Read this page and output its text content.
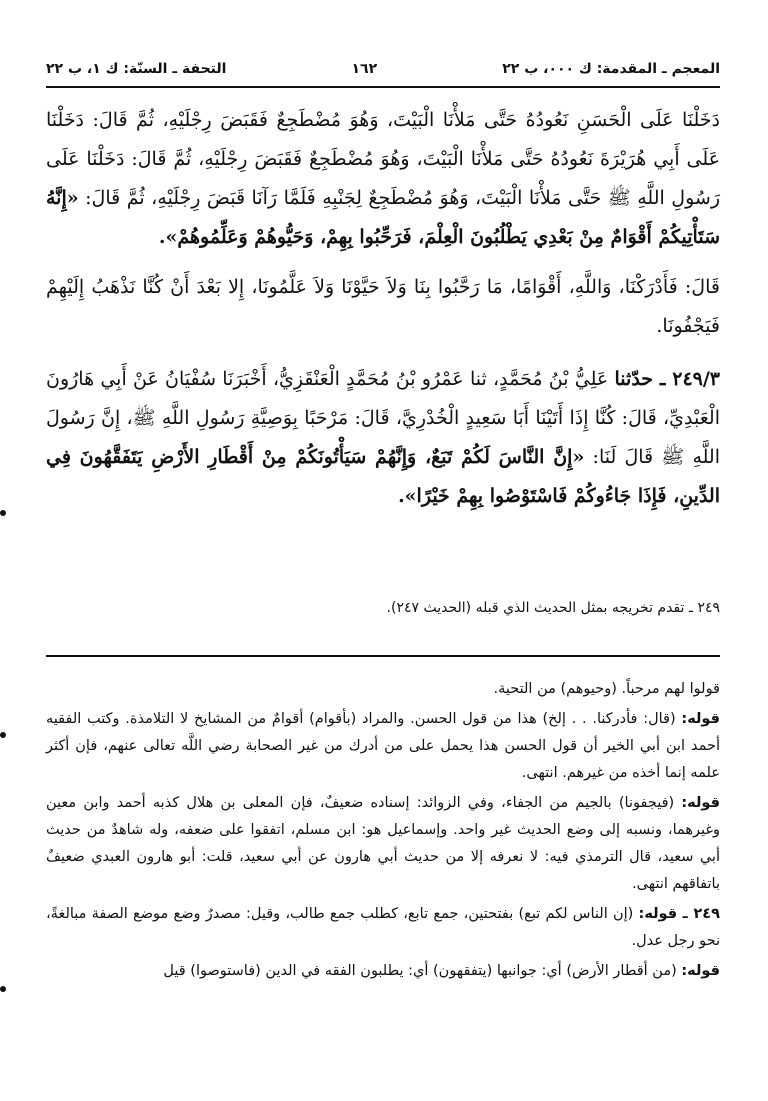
المعجم ـ المقدمة: ك ٠٠٠، ب ٢٢
١٦٢
التحفة ـ السنّة: ك ١، ب ٢٢

دَخَلْنَا عَلَى الْحَسَنِ نَعُودُهُ حَتَّى مَلأْنَا الْبَيْتَ، وَهُوَ مُضْطَجِعٌ فَقَبَضَ رِجْلَيْهِ، ثُمَّ قَالَ: دَخَلْنَا عَلَى أَبِي هُرَيْرَةَ نَعُودُهُ حَتَّى مَلأْنَا الْبَيْتَ، وَهُوَ مُضْطَجِعٌ فَقَبَضَ رِجْلَيْهِ، ثُمَّ قَالَ: دَخَلْنَا عَلَى رَسُولِ اللَّهِ ﷺ حَتَّى مَلأْنَا الْبَيْتَ، وَهُوَ مُضْطَجِعٌ لِجَنْبِهِ فَلَمَّا رَآنَا قَبَضَ رِجْلَيْهِ، ثُمَّ قَالَ: «إِنَّهُ سَتَأْتِيكُمْ أَقْوَامٌ مِنْ بَعْدِي يَطْلُبُونَ الْعِلْمَ، فَرَحِّبُوا بِهِمْ، وَحَيُّوهُمْ وَعَلِّمُوهُمْ».

قَالَ: فَأَدْرَكْنَا، وَاللَّهِ، أَقْوَامًا، مَا رَحَّبُوا بِنَا وَلاَ حَيَّوْنَا وَلاَ عَلَّمُونَا، إِلا بَعْدَ أَنْ كُنَّا نَذْهَبُ إِلَيْهِمْ فَيَجْفُونَا.

٢٤٩/٣ ـ حدّثنا عَلِيُّ بْنُ مُحَمَّدٍ، ثنا عَمْرُو بْنُ مُحَمَّدٍ الْعَنْقَزِيُّ، أَخْبَرَنَا سُفْيَانُ عَنْ أَبِي هَارُونَ الْعَبْدِيِّ، قَالَ: كُنَّا إِذَا أَتَيْنَا أَبَا سَعِيدٍ الْخُدْرِيَّ، قَالَ: مَرْحَبًا بِوَصِيَّةِ رَسُولِ اللَّهِ ﷺ، إِنَّ رَسُولَ اللَّهِ ﷺ قَالَ لَنَا: «إِنَّ النَّاسَ لَكُمْ تَبَعٌ، وَإِنَّهُمْ سَيَأْتُونَكُمْ مِنْ أَقْطَارِ الأَرْضِ يَتَفَقَّهُونَ فِي الدِّينِ، فَإِذَا جَاءُوكُمْ فَاسْتَوْصُوا بِهِمْ خَيْرًا».

٢٤٩ ـ تقدم تخريجه بمثل الحديث الذي قبله (الحديث ٢٤٧).

قولوا لهم مرحباً. (وحيوهم) من التحية.

قوله: (قال: فأدركنا. . . إلخ) هذا من قول الحسن. والمراد (بأقوام) أقوامٌ من المشايخ لا التلامذة. وكتب الفقيه أحمد ابن أبي الخير أن قول الحسن هذا يحمل على من أدرك من غير الصحابة رضي اللَّه تعالى عنهم، فإن أكثر علمه إنما أخذه من غيرهم. انتهى.

قوله: (فيجفونا) بالجيم من الجفاء، وفي الزوائد: إسناده ضعيفٌ، فإن المعلى بن هلال كذبه أحمد وابن معين وغيرهما، ونسبه إلى وضع الحديث غير واحد. وإسماعيل هو: ابن مسلم، اتفقوا على ضعفه، وله شاهدٌ من حديث أبي سعيد، قال الترمذي فيه: لا نعرفه إلا من حديث أبي هارون عن أبي سعيد، قلت: أبو هارون العبدي ضعيفٌ باتفاقهم انتهى.

٢٤٩ ـ قوله: (إن الناس لكم تبع) بفتحتين، جمع تابع، كطلب جمع طالب، وقيل: مصدرٌ وضع موضع الصفة مبالغةً، نحو رجل عدل.

قوله: (من أقطار الأرض) أي: جوانبها (يتفقهون) أي: يطلبون الفقه في الدين (فاستوصوا) قيل
